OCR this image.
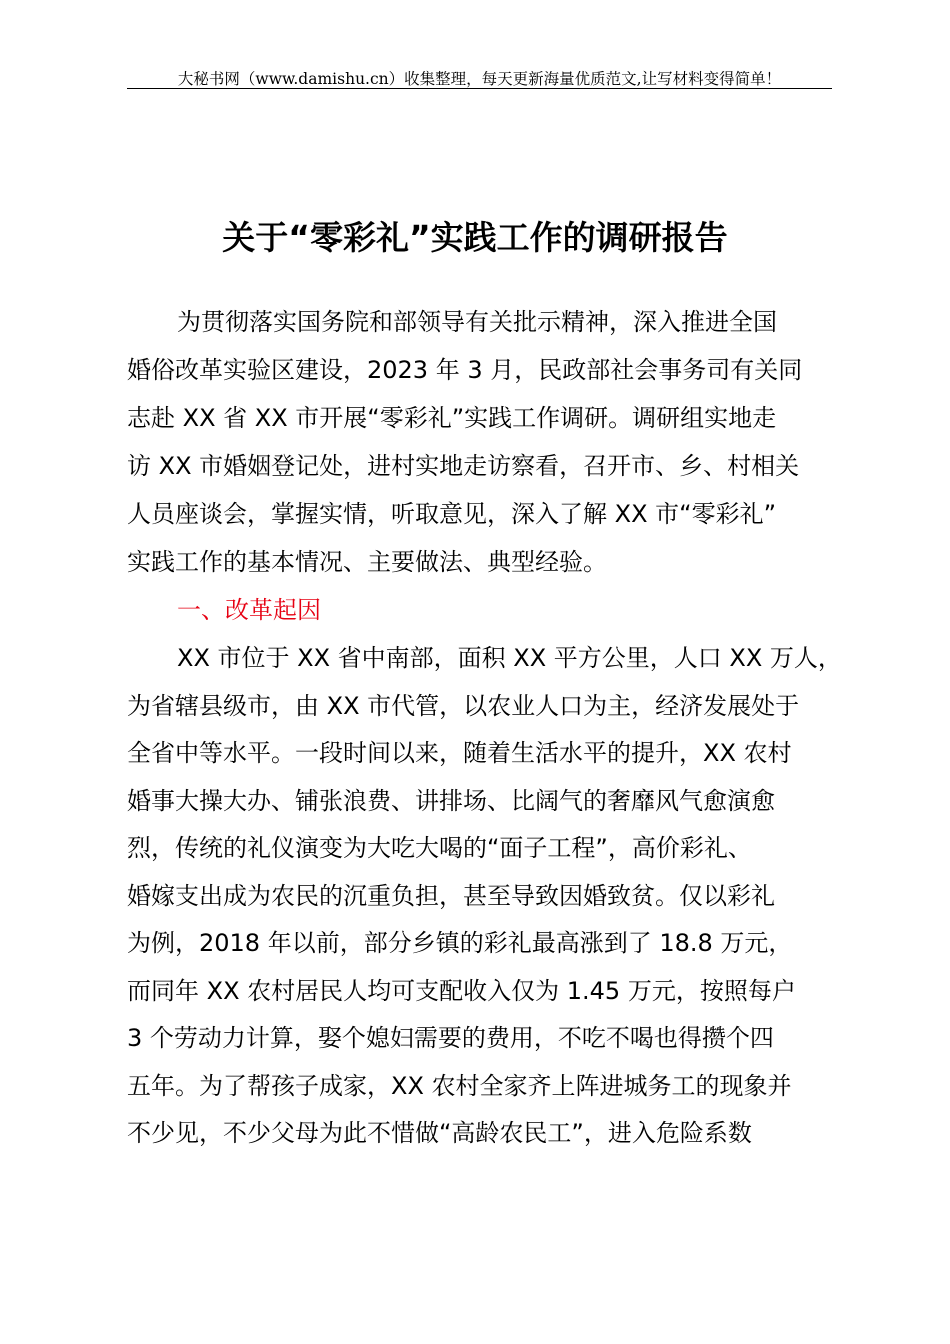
大秘书网（www.damishu.cn）收集整理，每天更新海量优质范文,让写材料变得简单！
关于“零彩礼”实践工作的调研报告
为贯彻落实国务院和部领导有关批示精神，深入推进全国
婚俗改革实验区建设，2023 年 3 月，民政部社会事务司有关同
志赴 XX 省 XX 市开展“零彩礼”实践工作调研。调研组实地走
访 XX 市婚姻登记处，进村实地走访察看，召开市、乡、村相关
人员座谈会，掌握实情，听取意见，深入了解 XX 市“零彩礼”
实践工作的基本情况、主要做法、典型经验。
一、改革起因
XX 市位于 XX 省中南部，面积 XX 平方公里，人口 XX 万人，
为省辖县级市，由 XX 市代管，以农业人口为主，经济发展处于
全省中等水平。一段时间以来，随着生活水平的提升，XX 农村
婚事大操大办、铺张浪费、讲排场、比阔气的奢靡风气愈演愈
烈，传统的礼仪演变为大吃大喝的“面子工程”，高价彩礼、
婚嫁支出成为农民的沉重负担，甚至导致因婚致贫。仅以彩礼
为例，2018 年以前，部分乡镇的彩礼最高涨到了 18.8 万元，
而同年 XX 农村居民人均可支配收入仅为 1.45 万元，按照每户
3 个劳动力计算，娶个媳妇需要的费用，不吃不喝也得攒个四
五年。为了帮孩子成家，XX 农村全家齐上阵进城务工的现象并
不少见，不少父母为此不惜做“高龄农民工”，进入危险系数
